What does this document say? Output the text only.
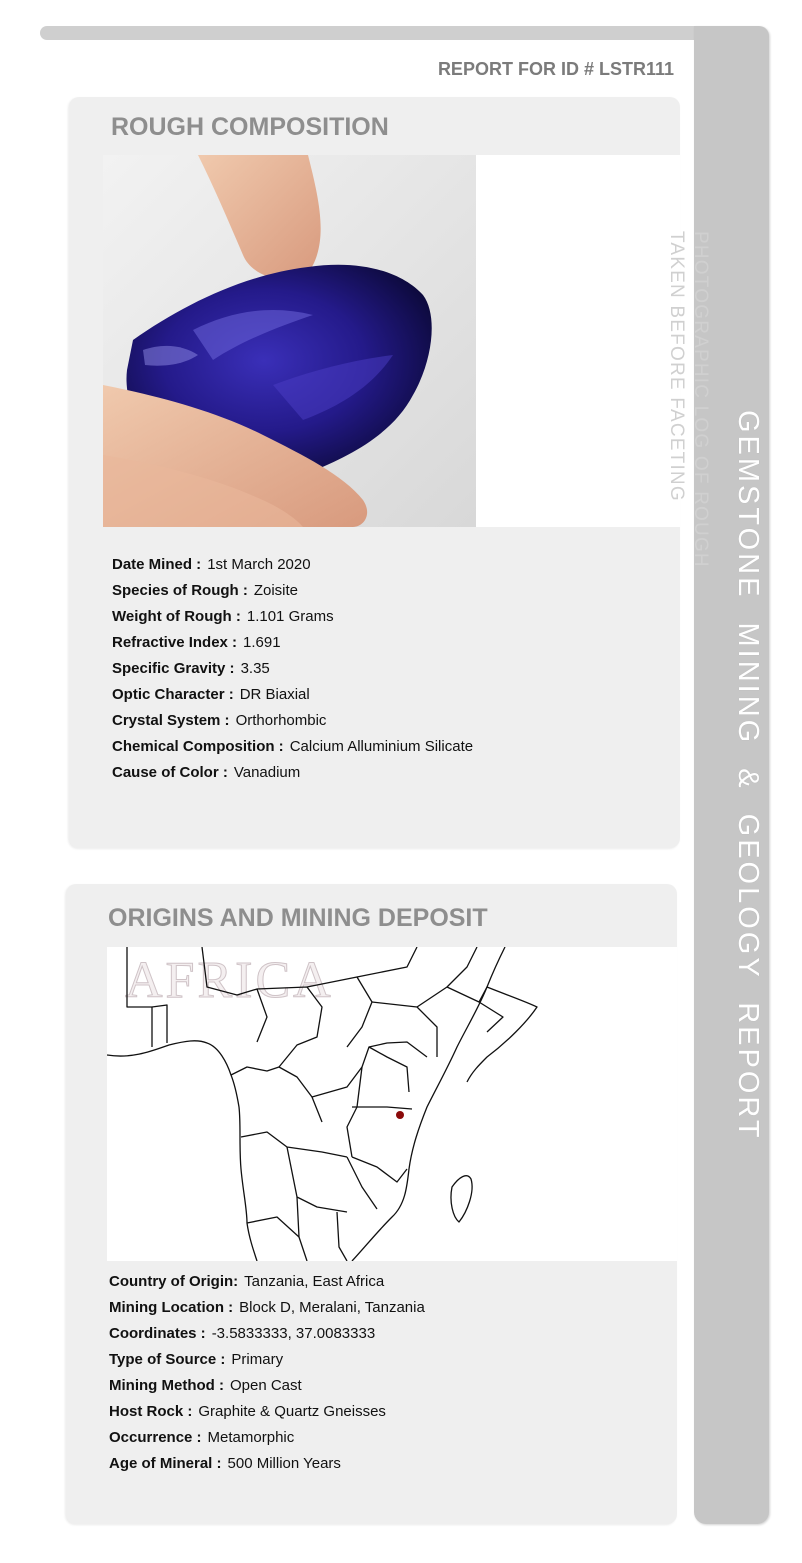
GEMSTONE MINING & GEOLOGY REPORT
REPORT FOR ID # LSTR111
ROUGH COMPOSITION
PHOTOGRAPHIC LOG OF ROUGH TAKEN BEFORE FACETING
Date Mined : 1st March 2020
Species of Rough : Zoisite
Weight of Rough : 1.101 Grams
Refractive Index : 1.691
Specific Gravity : 3.35
Optic Character : DR Biaxial
Crystal System : Orthorhombic
Chemical Composition : Calcium Alluminium Silicate
Cause of Color : Vanadium
ORIGINS AND MINING DEPOSIT
AFRICA
Country of Origin: Tanzania, East Africa
Mining Location : Block D, Meralani, Tanzania
Coordinates : -3.5833333, 37.0083333
Type of Source : Primary
Mining Method : Open Cast
Host Rock : Graphite & Quartz Gneisses
Occurrence : Metamorphic
Age of Mineral : 500 Million Years
